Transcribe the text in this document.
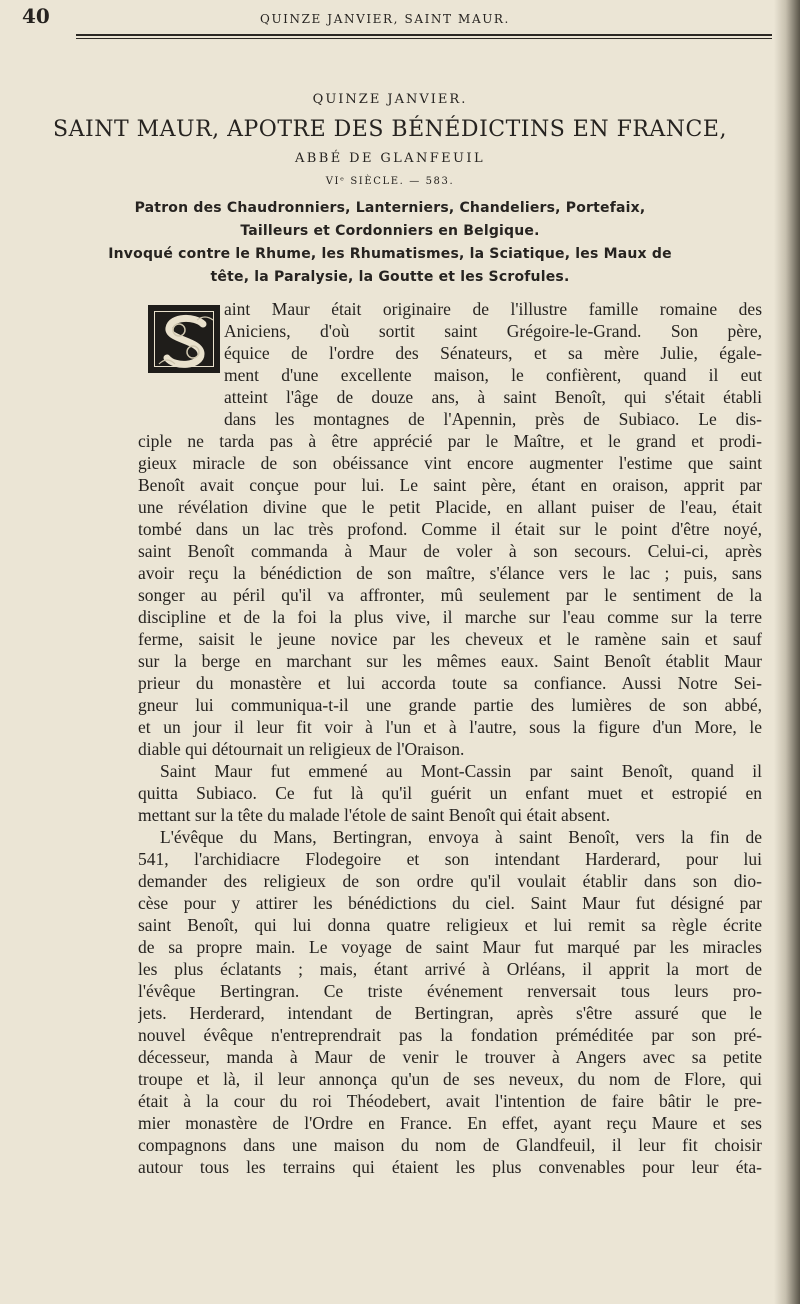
40	QUINZE JANVIER, SAINT MAUR.
QUINZE JANVIER.
SAINT MAUR, APOTRE DES BÉNÉDICTINS EN FRANCE,
ABBÉ DE GLANFEUIL
VIᵉ SIÈCLE. — 583.
Patron des Chaudronniers, Lanterniers, Chandeliers, Portefaix,
Tailleurs et Cordonniers en Belgique.
Invoqué contre le Rhume, les Rhumatismes, la Sciatique, les Maux de
tête, la Paralysie, la Goutte et les Scrofules.

aint Maur était originaire de l'illustre famille romaine des

Aniciens, d'où sortit saint Grégoire-le-Grand. Son père,

équice de l'ordre des Sénateurs, et sa mère Julie, égale-

ment d'une excellente maison, le confièrent, quand il eut

atteint l'âge de douze ans, à saint Benoît, qui s'était établi

dans les montagnes de l'Apennin, près de Subiaco. Le dis-

ciple ne tarda pas à être apprécié par le Maître, et le grand et prodi-

gieux miracle de son obéissance vint encore augmenter l'estime que saint

Benoît avait conçue pour lui. Le saint père, étant en oraison, apprit par

une révélation divine que le petit Placide, en allant puiser de l'eau, était

tombé dans un lac très profond. Comme il était sur le point d'être noyé,

saint Benoît commanda à Maur de voler à son secours. Celui-ci, après

avoir reçu la bénédiction de son maître, s'élance vers le lac ; puis, sans

songer au péril qu'il va affronter, mû seulement par le sentiment de la

discipline et de la foi la plus vive, il marche sur l'eau comme sur la terre

ferme, saisit le jeune novice par les cheveux et le ramène sain et sauf

sur la berge en marchant sur les mêmes eaux. Saint Benoît établit Maur

prieur du monastère et lui accorda toute sa confiance. Aussi Notre Sei-

gneur lui communiqua-t-il une grande partie des lumières de son abbé,

et un jour il leur fit voir à l'un et à l'autre, sous la figure d'un More, le

diable qui détournait un religieux de l'Oraison.

Saint Maur fut emmené au Mont-Cassin par saint Benoît, quand il

quitta Subiaco. Ce fut là qu'il guérit un enfant muet et estropié en

mettant sur la tête du malade l'étole de saint Benoît qui était absent.

L'évêque du Mans, Bertingran, envoya à saint Benoît, vers la fin de

541, l'archidiacre Flodegoire et son intendant Harderard, pour lui

demander des religieux de son ordre qu'il voulait établir dans son dio-

cèse pour y attirer les bénédictions du ciel. Saint Maur fut désigné par

saint Benoît, qui lui donna quatre religieux et lui remit sa règle écrite

de sa propre main. Le voyage de saint Maur fut marqué par les miracles

les plus éclatants ; mais, étant arrivé à Orléans, il apprit la mort de

l'évêque Bertingran. Ce triste événement renversait tous leurs pro-

jets. Herderard, intendant de Bertingran, après s'être assuré que le

nouvel évêque n'entreprendrait pas la fondation préméditée par son pré-

décesseur, manda à Maur de venir le trouver à Angers avec sa petite

troupe et là, il leur annonça qu'un de ses neveux, du nom de Flore, qui

était à la cour du roi Théodebert, avait l'intention de faire bâtir le pre-

mier monastère de l'Ordre en France. En effet, ayant reçu Maure et ses

compagnons dans une maison du nom de Glandfeuil, il leur fit choisir

autour tous les terrains qui étaient les plus convenables pour leur éta-
